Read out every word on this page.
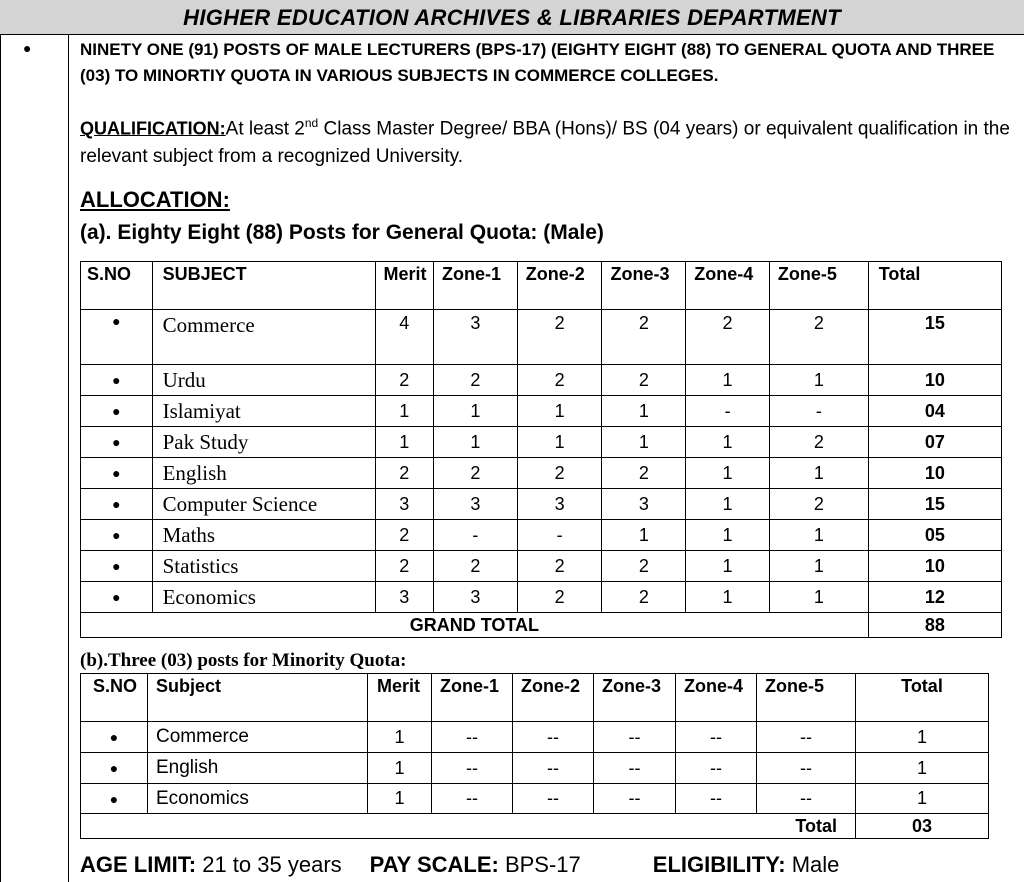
HIGHER EDUCATION ARCHIVES & LIBRARIES DEPARTMENT
●	NINETY ONE (91) POSTS OF MALE LECTURERS (BPS-17) (EIGHTY EIGHT (88) TO GENERAL QUOTA AND THREE (03) TO MINORTIY QUOTA IN VARIOUS SUBJECTS IN COMMERCE COLLEGES.
QUALIFICATION:At least 2nd Class Master Degree/ BBA (Hons)/ BS (04 years) or equivalent qualification in the relevant subject from a recognized University.
ALLOCATION:
(a). Eighty Eight (88) Posts for General Quota: (Male)
S.NO	SUBJECT	Merit	Zone-1	Zone-2	Zone-3	Zone-4	Zone-5	Total
●	Commerce	4	3	2	2	2	2	15
●	Urdu	2	2	2	2	1	1	10
●	Islamiyat	1	1	1	1	-	-	04
●	Pak Study	1	1	1	1	1	2	07
●	English	2	2	2	2	1	1	10
●	Computer Science	3	3	3	3	1	2	15
●	Maths	2	-	-	1	1	1	05
●	Statistics	2	2	2	2	1	1	10
●	Economics	3	3	2	2	1	1	12
GRAND TOTAL								88
(b).Three (03) posts for Minority Quota:
S.NO	Subject	Merit	Zone-1	Zone-2	Zone-3	Zone-4	Zone-5	Total
●	Commerce	1	--	--	--	--	--	1
●	English	1	--	--	--	--	--	1
●	Economics	1	--	--	--	--	--	1
Total								03
AGE LIMIT: 21 to 35 years PAY SCALE: BPS-17	ELIGIBILITY: Male
